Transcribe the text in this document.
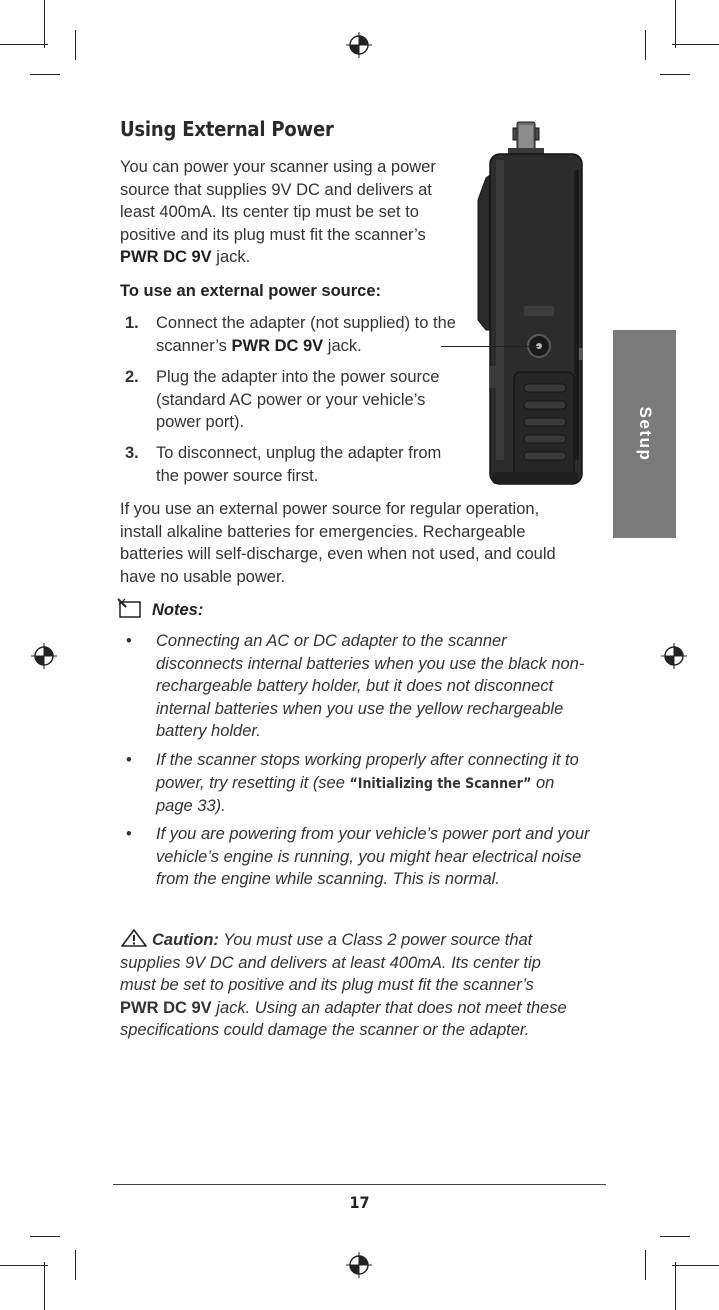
Using External Power

You can power your scanner using a power source that supplies 9V DC and delivers at least 400mA. Its center tip must be set to positive and its plug must fit the scanner’s PWR DC 9V jack.

To use an external power source:

1. Connect the adapter (not supplied) to the scanner’s PWR DC 9V jack.
2. Plug the adapter into the power source (standard AC power or your vehicle’s power port).
3. To disconnect, unplug the adapter from the power source first.
Setup

If you use an external power source for regular operation, install alkaline batteries for emergencies. Rechargeable batteries will self-discharge, even when not used, and could have no usable power.

Notes:
• Connecting an AC or DC adapter to the scanner disconnects internal batteries when you use the black non-rechargeable battery holder, but it does not disconnect internal batteries when you use the yellow rechargeable battery holder.
• If the scanner stops working properly after connecting it to power, try resetting it (see “Initializing the Scanner” on page 33).
• If you are powering from your vehicle’s power port and your vehicle’s engine is running, you might hear electrical noise from the engine while scanning. This is normal.
Caution: You must use a Class 2 power source that supplies 9V DC and delivers at least 400mA. Its center tip must be set to positive and its plug must fit the scanner’s PWR DC 9V jack. Using an adapter that does not meet these specifications could damage the scanner or the adapter.
17
